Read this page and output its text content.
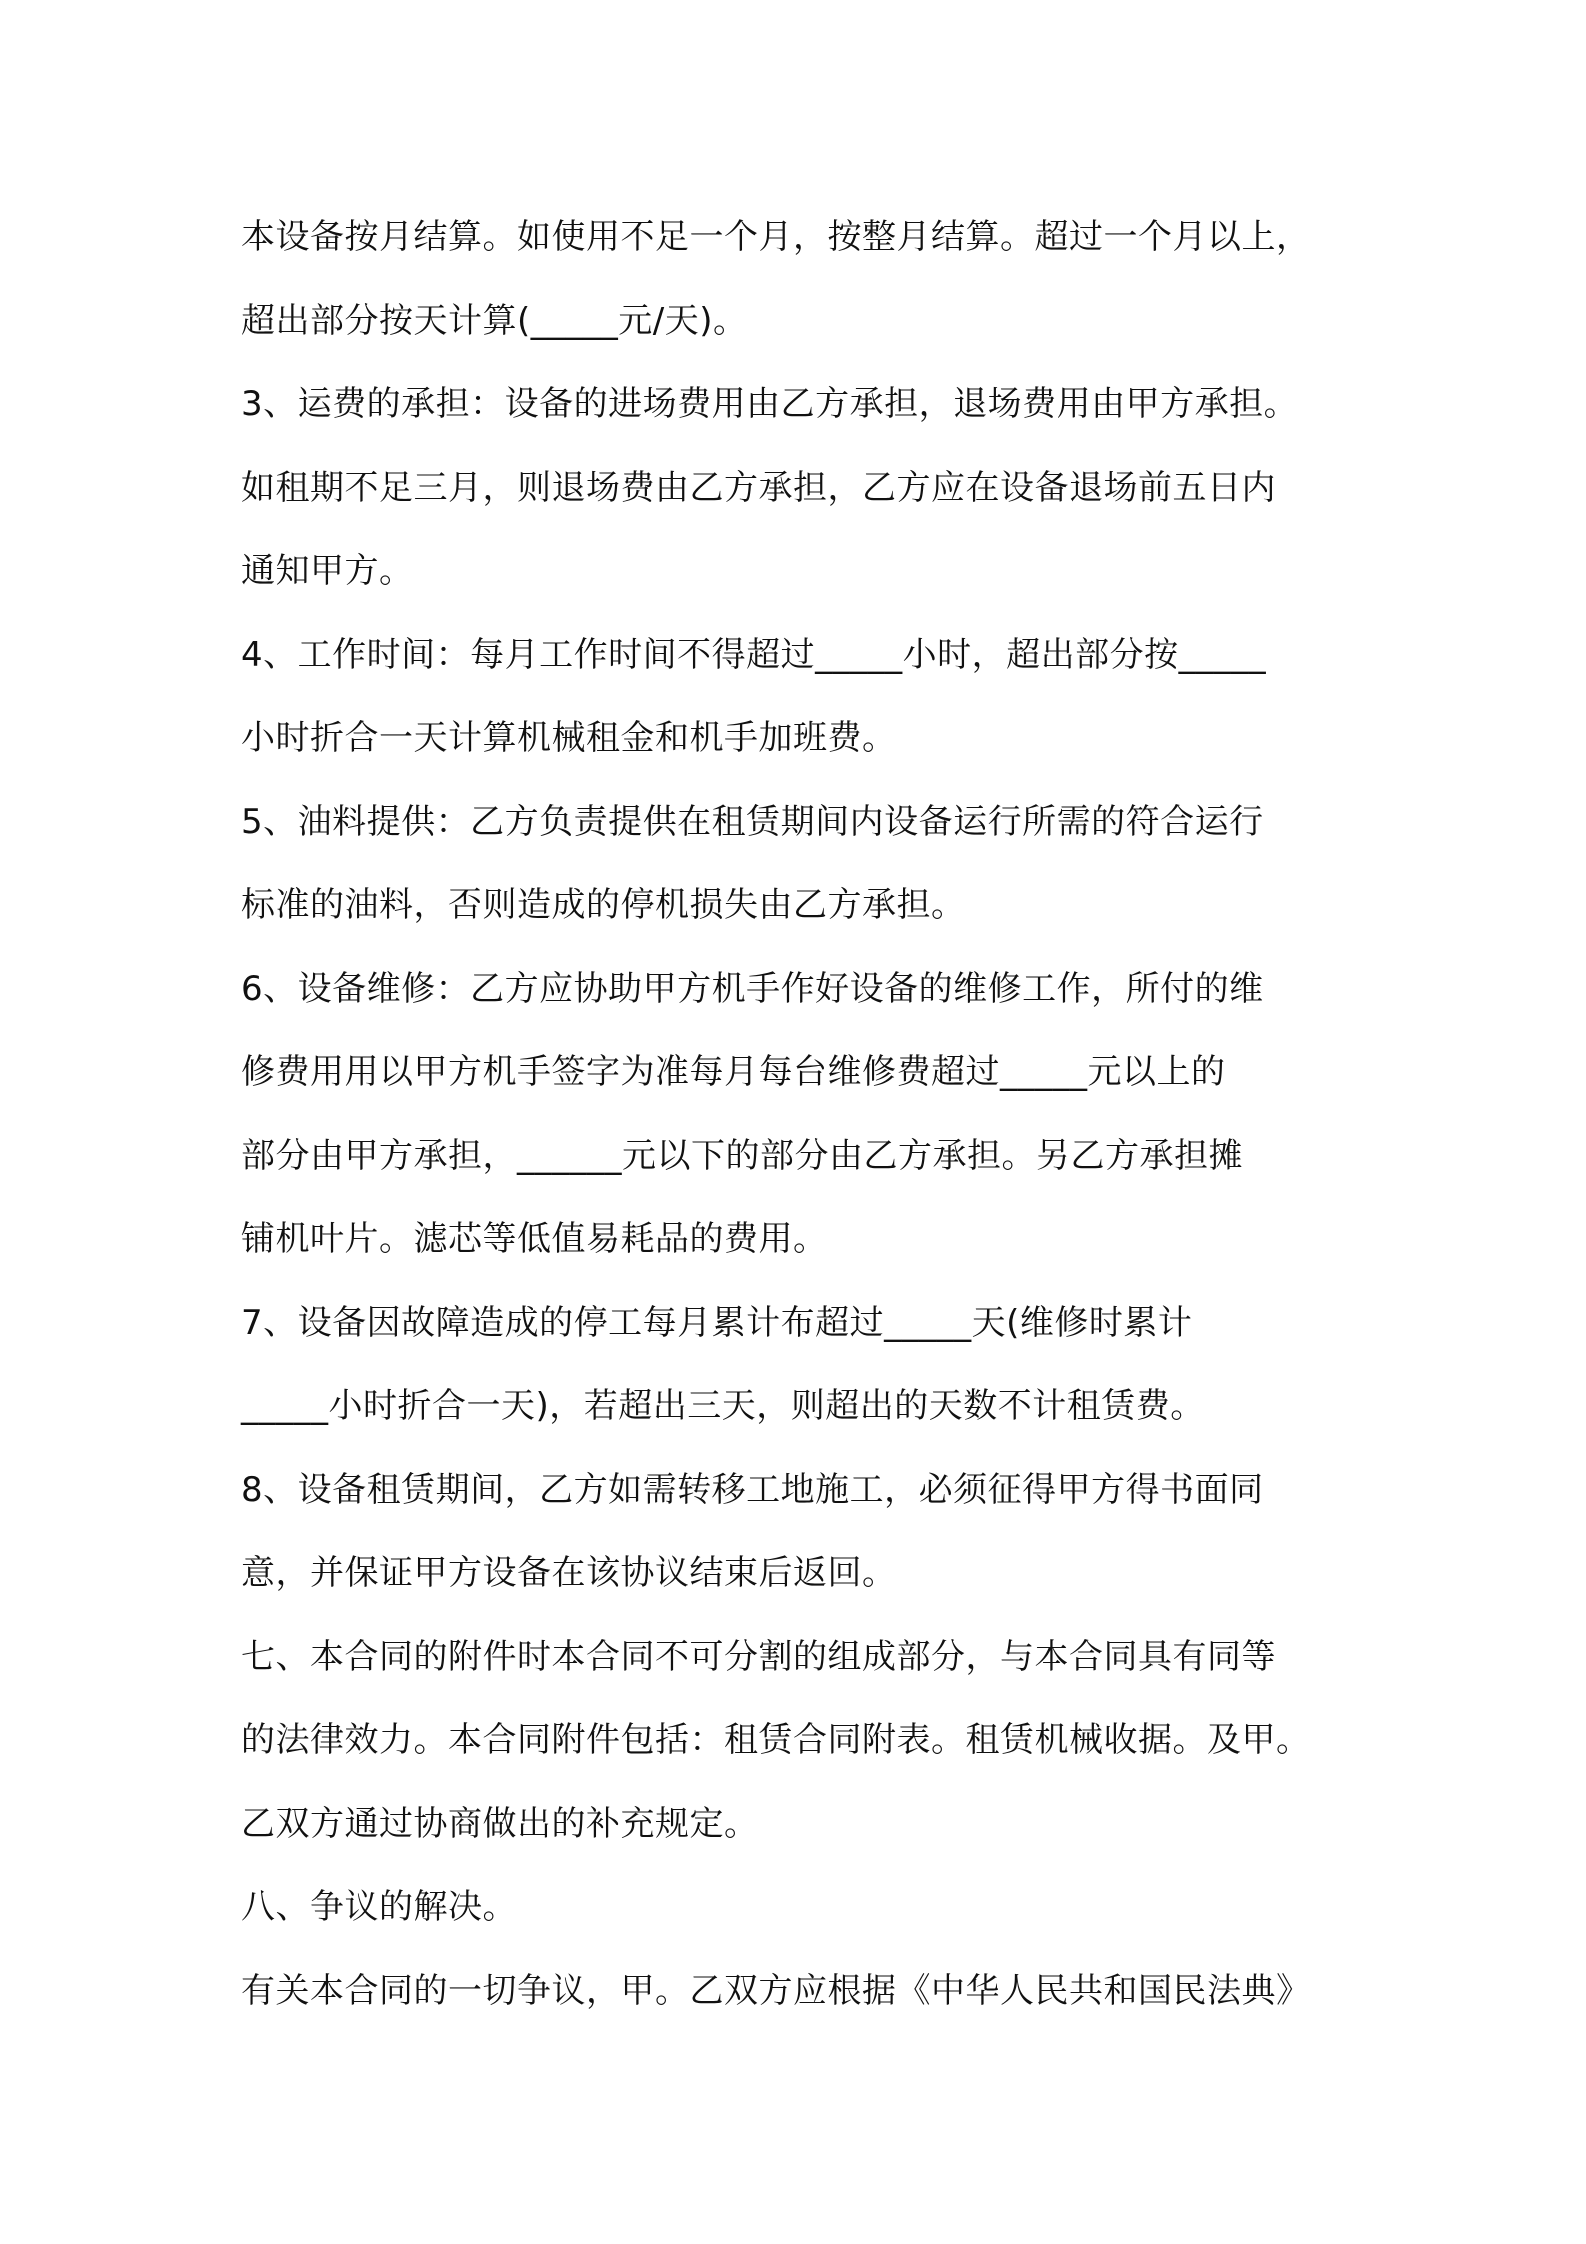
本设备按月结算。如使用不足一个月，按整月结算。超过一个月以上，
超出部分按天计算(_____元/天)。
3、运费的承担：设备的进场费用由乙方承担，退场费用由甲方承担。
如租期不足三月，则退场费由乙方承担，乙方应在设备退场前五日内
通知甲方。
4、工作时间：每月工作时间不得超过_____小时，超出部分按_____
小时折合一天计算机械租金和机手加班费。
5、油料提供：乙方负责提供在租赁期间内设备运行所需的符合运行
标准的油料，否则造成的停机损失由乙方承担。
6、设备维修：乙方应协助甲方机手作好设备的维修工作，所付的维
修费用用以甲方机手签字为准每月每台维修费超过_____元以上的
部分由甲方承担，______元以下的部分由乙方承担。另乙方承担摊
铺机叶片。滤芯等低值易耗品的费用。
7、设备因故障造成的停工每月累计布超过_____天(维修时累计
_____小时折合一天)，若超出三天，则超出的天数不计租赁费。
8、设备租赁期间，乙方如需转移工地施工，必须征得甲方得书面同
意，并保证甲方设备在该协议结束后返回。
七、本合同的附件时本合同不可分割的组成部分，与本合同具有同等
的法律效力。本合同附件包括：租赁合同附表。租赁机械收据。及甲。
乙双方通过协商做出的补充规定。
八、争议的解决。
有关本合同的一切争议，甲。乙双方应根据《中华人民共和国民法典》
